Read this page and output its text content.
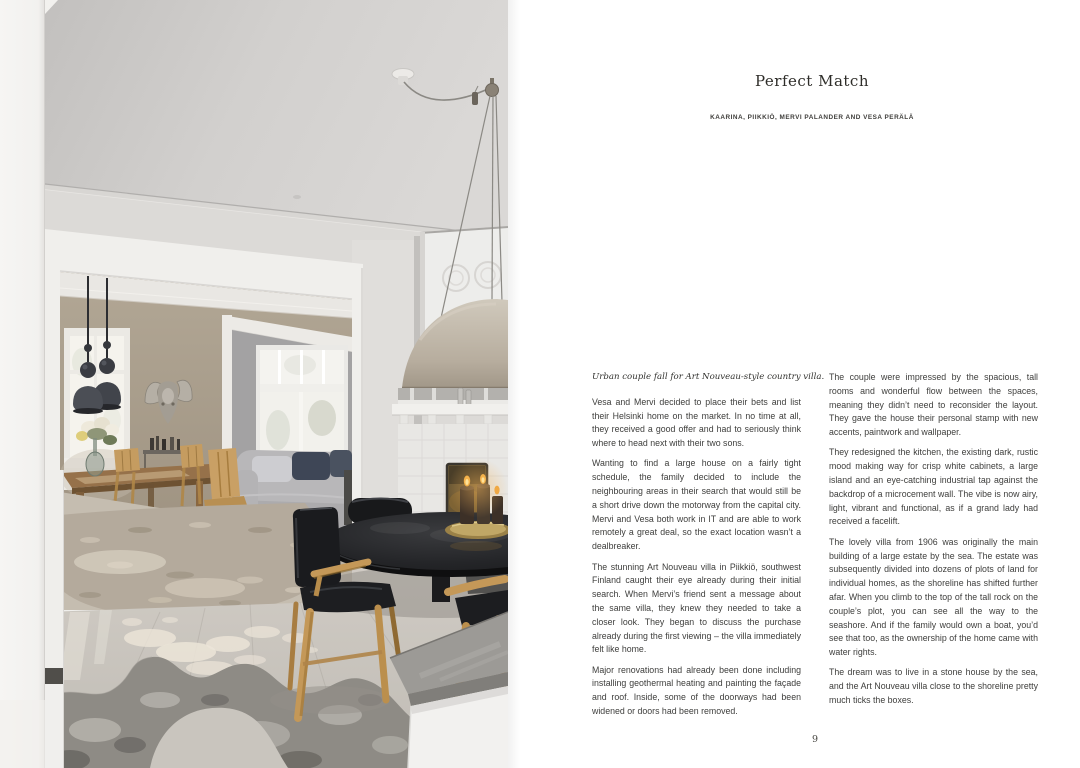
Perfect Match
KAARINA, PIIKKIÖ, MERVI PALANDER AND VESA PERÄLÄ

Urban couple fall for Art Nouveau-style country villa.

Vesa and Mervi decided to place their bets and list their Helsinki home on the market. In no time at all, they received a good offer and had to seriously think where to head next with their two sons.

Wanting to find a large house on a fairly tight schedule, the family decided to include the neighbouring areas in their search that would still be a short drive down the motorway from the capital city. Mervi and Vesa both work in IT and are able to work remotely a great deal, so the exact location wasn’t a dealbreaker.

The stunning Art Nouveau villa in Piikkiö, southwest Finland caught their eye already during their initial search. When Mervi’s friend sent a message about the same villa, they knew they needed to take a closer look. They began to discuss the purchase already during the first viewing – the villa immediately felt like home.

Major renovations had already been done including installing geothermal heating and painting the façade and roof. Inside, some of the doorways had been widened or doors had been removed.

The couple were impressed by the spacious, tall rooms and wonderful flow between the spaces, meaning they didn’t need to reconsider the layout. They gave the house their personal stamp with new accents, paintwork and wallpaper.

They redesigned the kitchen, the existing dark, rustic mood making way for crisp white cabinets, a large island and an eye-catching industrial tap against the backdrop of a microcement wall. The vibe is now airy, light, vibrant and functional, as if a grand lady had received a facelift.

The lovely villa from 1906 was originally the main building of a large estate by the sea. The estate was subsequently divided into dozens of plots of land for individual homes, as the shoreline has shifted further afar. When you climb to the top of the tall rock on the couple’s plot, you can see all the way to the seashore. And if the family would own a boat, you’d see that too, as the ownership of the home came with water rights.

The dream was to live in a stone house by the sea, and the Art Nouveau villa close to the shoreline pretty much ticks the boxes.

9
